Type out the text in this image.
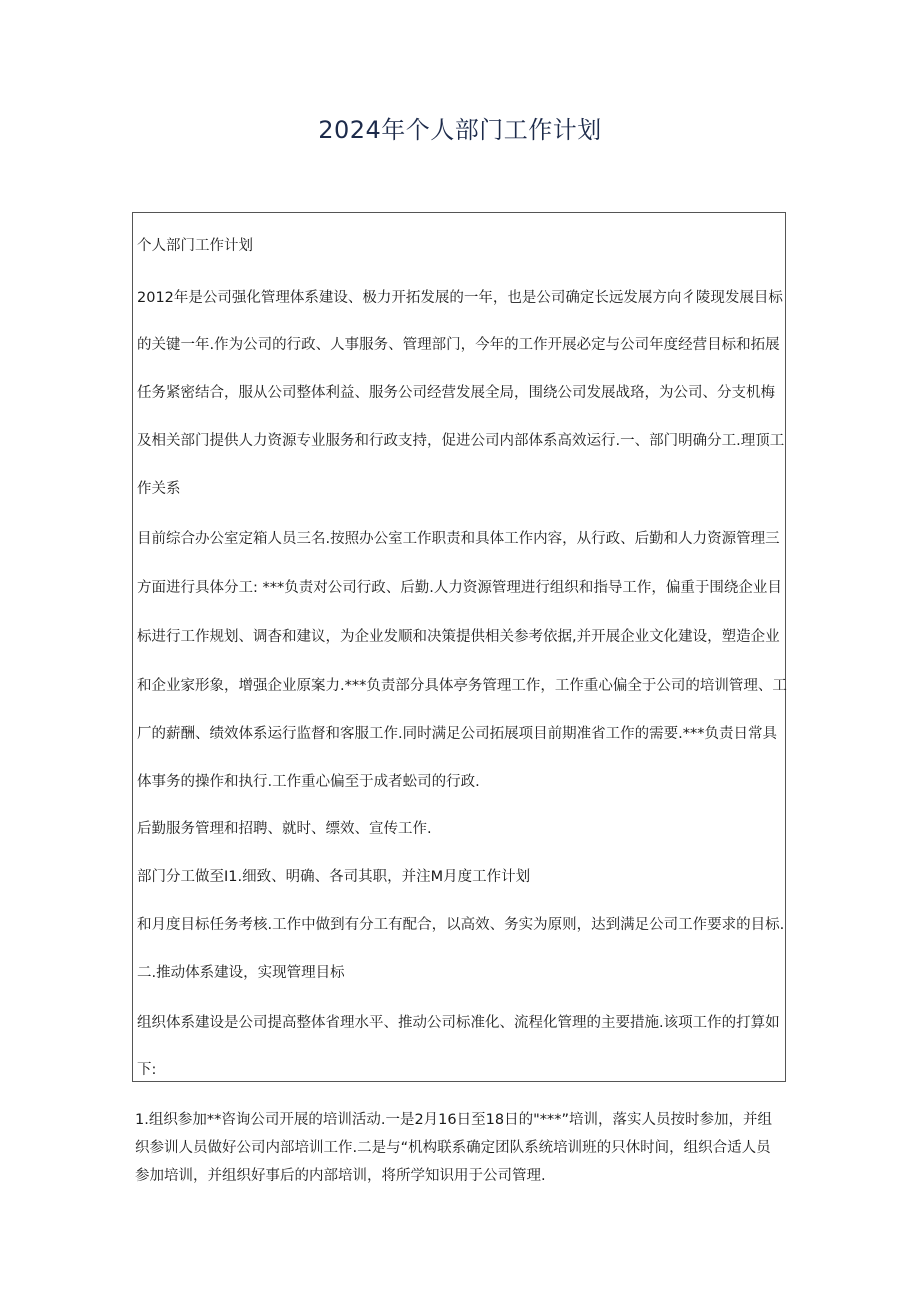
2024年个人部门工作计划
个人部门工作计划
2012年是公司强化管理体系建设、极力开拓发展的一年，也是公司确定长远发展方向彳陵现发展目标
的关键一年.作为公司的行政、人事服务、管理部门，今年的工作开展必定与公司年度经营目标和拓展
任务紧密结合，服从公司整体利益、服务公司经营发展全局，围绕公司发展战珞，为公司、分支机梅
及相关部门提供人力资源专业服务和行政支持，促进公司内部体系高效运行.一、部门明确分工.理顶工
作关系
目前综合办公室定箱人员三名.按照办公室工作职责和具体工作内容，从行政、后勤和人力资源管理三
方面进行具体分工: ***负责对公司行政、后勤.人力资源管理进行组织和指导工作，偏重于围绕企业目
标进行工作规划、调杳和建议，为企业发顺和决策提供相关参考依据,并开展企业文化建设，塑造企业
和企业家形象，增强企业原案力.***负责部分具体亭务管理工作，工作重心偏全于公司的培训管理、工
厂的薪酬、绩效体系运行监督和客服工作.同时满足公司拓展项目前期准省工作的需要.***负责日常具
体事务的操作和执行.工作重心偏至于成者蚣司的行政.
后勤服务管理和招聘、就时、缥效、宣传工作.
部门分工做至I1.细致、明确、各司其职，并注M月度工作计划
和月度目标任务考核.工作中做到有分工有配合，以高效、务实为原则，达到满足公司工作要求的目标.
二.推动体系建设，实现管理目标
组织体系建设是公司提高整体省理水平、推动公司标准化、流程化管理的主要措施.该项工作的打算如
下:
1.组织参加**咨询公司开展的培训活动.一是2月16日至18日的"***”培训，落实人员按时参加，并组
织参训人员做好公司内部培训工作.二是与“机构联系确定团队系统培训班的只休时间，组织合适人员
参加培训，并组织好事后的内部培训，将所学知识用于公司管理.
